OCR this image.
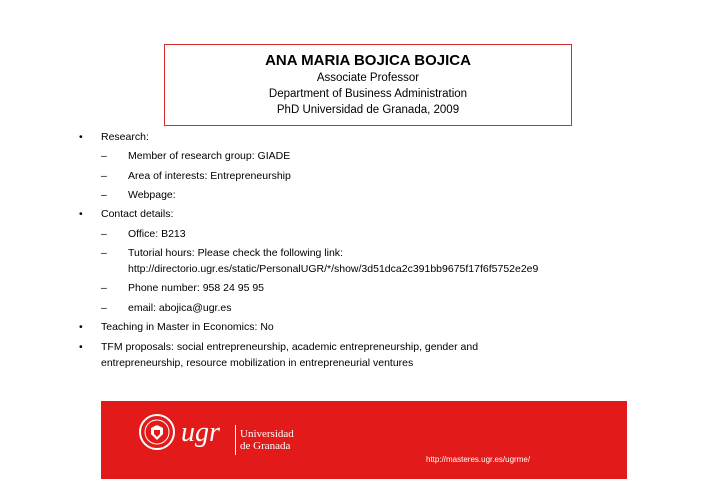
ANA MARIA BOJICA BOJICA
Associate Professor
Department of Business Administration
PhD Universidad de Granada, 2009
• Research:
– Member of research group: GIADE
– Area of interests: Entrepreneurship
– Webpage:
• Contact details:
– Office: B213
– Tutorial hours: Please check the following link:
http://directorio.ugr.es/static/PersonalUGR/*/show/3d51dca2c391bb9675f17f6f5752e2e9
– Phone number: 958 24 95 95
– email: abojica@ugr.es
• Teaching in Master in Economics: No
• TFM proposals: social entrepreneurship, academic entrepreneurship, gender and
entrepreneurship, resource mobilization in entrepreneurial ventures
ugr Universidad
de Granada
http://masteres.ugr.es/ugrme/
